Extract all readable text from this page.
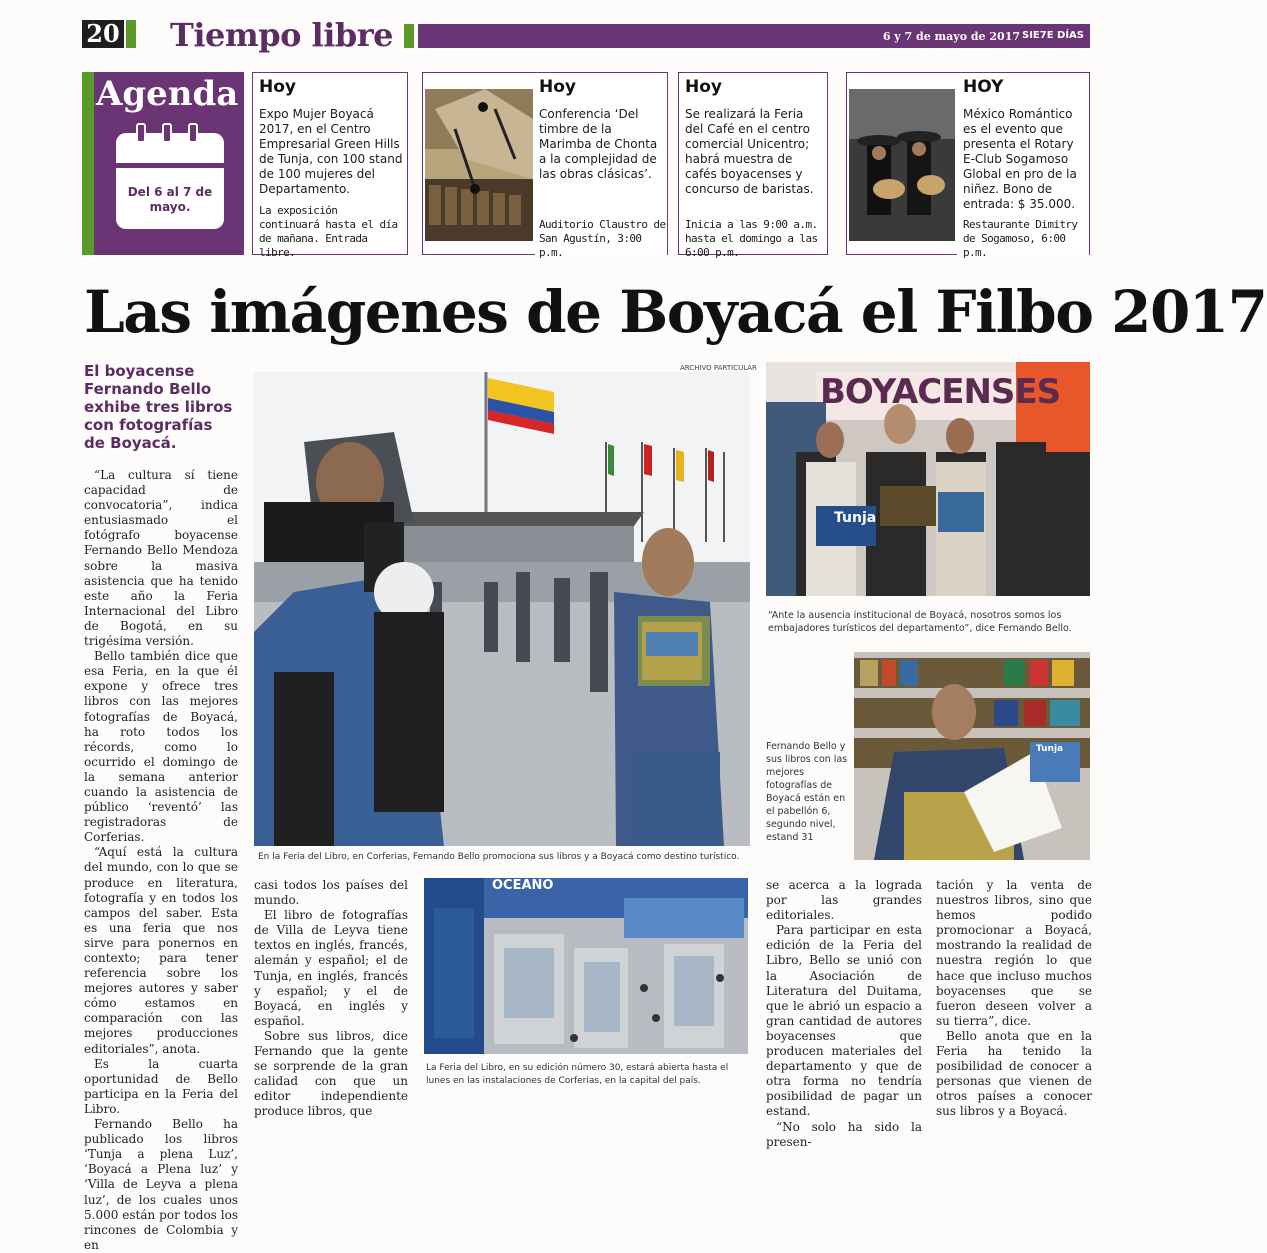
20 Tiempo libre	6 y 7 de mayo de 2017 SIE7E DÍAS
Agenda
Del 6 al 7 de mayo.
Hoy
Expo Mujer Boyacá 2017, en el Centro Empresarial Green Hills de Tunja, con 100 stand de 100 mujeres del Departamento.
La exposición continuará hasta el día de mañana. Entrada libre.
Hoy
Conferencia ‘Del timbre de la Marimba de Chonta a la complejidad de las obras clásicas’.
Auditorio Claustro de San Agustín, 3:00 p.m.
Hoy
Se realizará la Feria del Café en el centro comercial Unicentro; habrá muestra de cafés boyacenses y concurso de baristas.
Inicia a las 9:00 a.m. hasta el domingo a las 6:00 p.m.
HOY
México Romántico es el evento que presenta el Rotary E-Club Sogamoso Global en pro de la niñez. Bono de entrada: $ 35.000.
Restaurante Dimitry de Sogamoso, 6:00 p.m.
Las imágenes de Boyacá el Filbo 2017
El boyacense Fernando Bello exhibe tres libros con fotografías de Boyacá.

“La cultura sí tiene capacidad de convocatoria”, indica entusiasmado el fotógrafo boyacense Fernando Bello Mendoza sobre la masiva asistencia que ha tenido este año la Feria Internacional del Libro de Bogotá, en su trigésima versión.

Bello también dice que esa Feria, en la que él expone y ofrece tres libros con las mejores fotografías de Boyacá, ha roto todos los récords, como lo ocurrido el domingo de la semana anterior cuando la asistencia de público ‘reventó’ las registradoras de Corferias.

“Aquí está la cultura del mundo, con lo que se produce en literatura, fotografía y en todos los campos del saber. Esta es una feria que nos sirve para ponernos en contexto; para tener referencia sobre los mejores autores y saber cómo estamos en comparación con las mejores producciones editoriales”, anota.

Es la cuarta oportunidad de Bello participa en la Feria del Libro.

Fernando Bello ha publicado los libros ‘Tunja a plena Luz’, ‘Boyacá a Plena luz’ y ‘Villa de Leyva a plena luz’, de los cuales unos 5.000 están por todos los rincones de Colombia y en

ARCHIVO PARTICULAR
En la Feria del Libro, en Corferias, Fernando Bello promociona sus libros y a Boyacá como destino turístico.
BOYACENSES
Tunja
“Ante la ausencia institucional de Boyacá, nosotros somos los embajadores turísticos del departamento”, dice Fernando Bello.
Tunja
Fernando Bello y sus libros con las mejores fotografías de Boyacá están en el pabellón 6, segundo nivel, estand 31

casi todos los países del mundo.

El libro de fotografías de Villa de Leyva tiene textos en inglés, francés, alemán y español; el de Tunja, en inglés, francés y español; y el de Boyacá, en inglés y español.

Sobre sus libros, dice Fernando que la gente se sorprende de la gran calidad con que un editor independiente produce libros, que

OCEANO
La Feria del Libro, en su edición número 30, estará abierta hasta el lunes en las instalaciones de Corferias, en la capital del país.

se acerca a la lograda por las grandes editoriales.

Para participar en esta edición de la Feria del Libro, Bello se unió con la Asociación de Literatura del Duitama, que le abrió un espacio a gran cantidad de autores boyacenses que producen materiales del departamento y que de otra forma no tendría posibilidad de pagar un estand.

“No solo ha sido la presen-

tación y la venta de nuestros libros, sino que hemos podido promocionar a Boyacá, mostrando la realidad de nuestra región lo que hace que incluso muchos boyacenses que se fueron deseen volver a su tierra”, dice.

Bello anota que en la Feria ha tenido la posibilidad de conocer a personas que vienen de otros países a conocer sus libros y a Boyacá.
